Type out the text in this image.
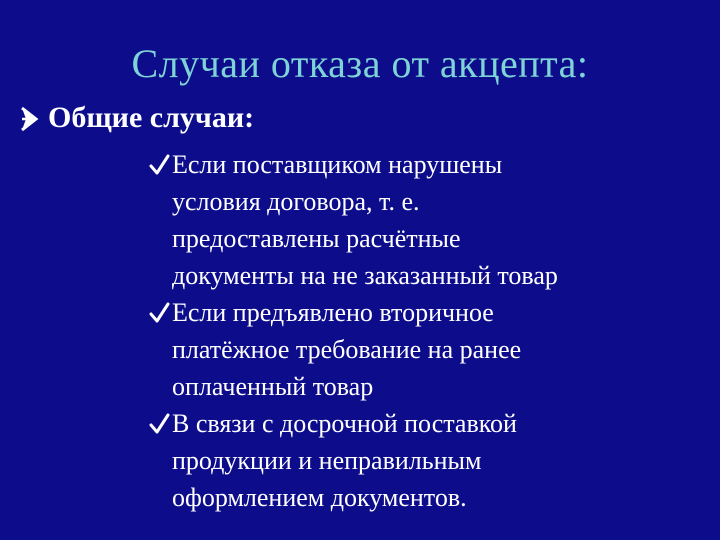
Случаи отказа от акцепта:
Общие случаи:
Если поставщиком нарушены
условия договора, т. е.
предоставлены расчётные
документы на не заказанный товар
Если предъявлено вторичное
платёжное требование на ранее
оплаченный товар
В связи с досрочной поставкой
продукции и неправильным
оформлением документов.
